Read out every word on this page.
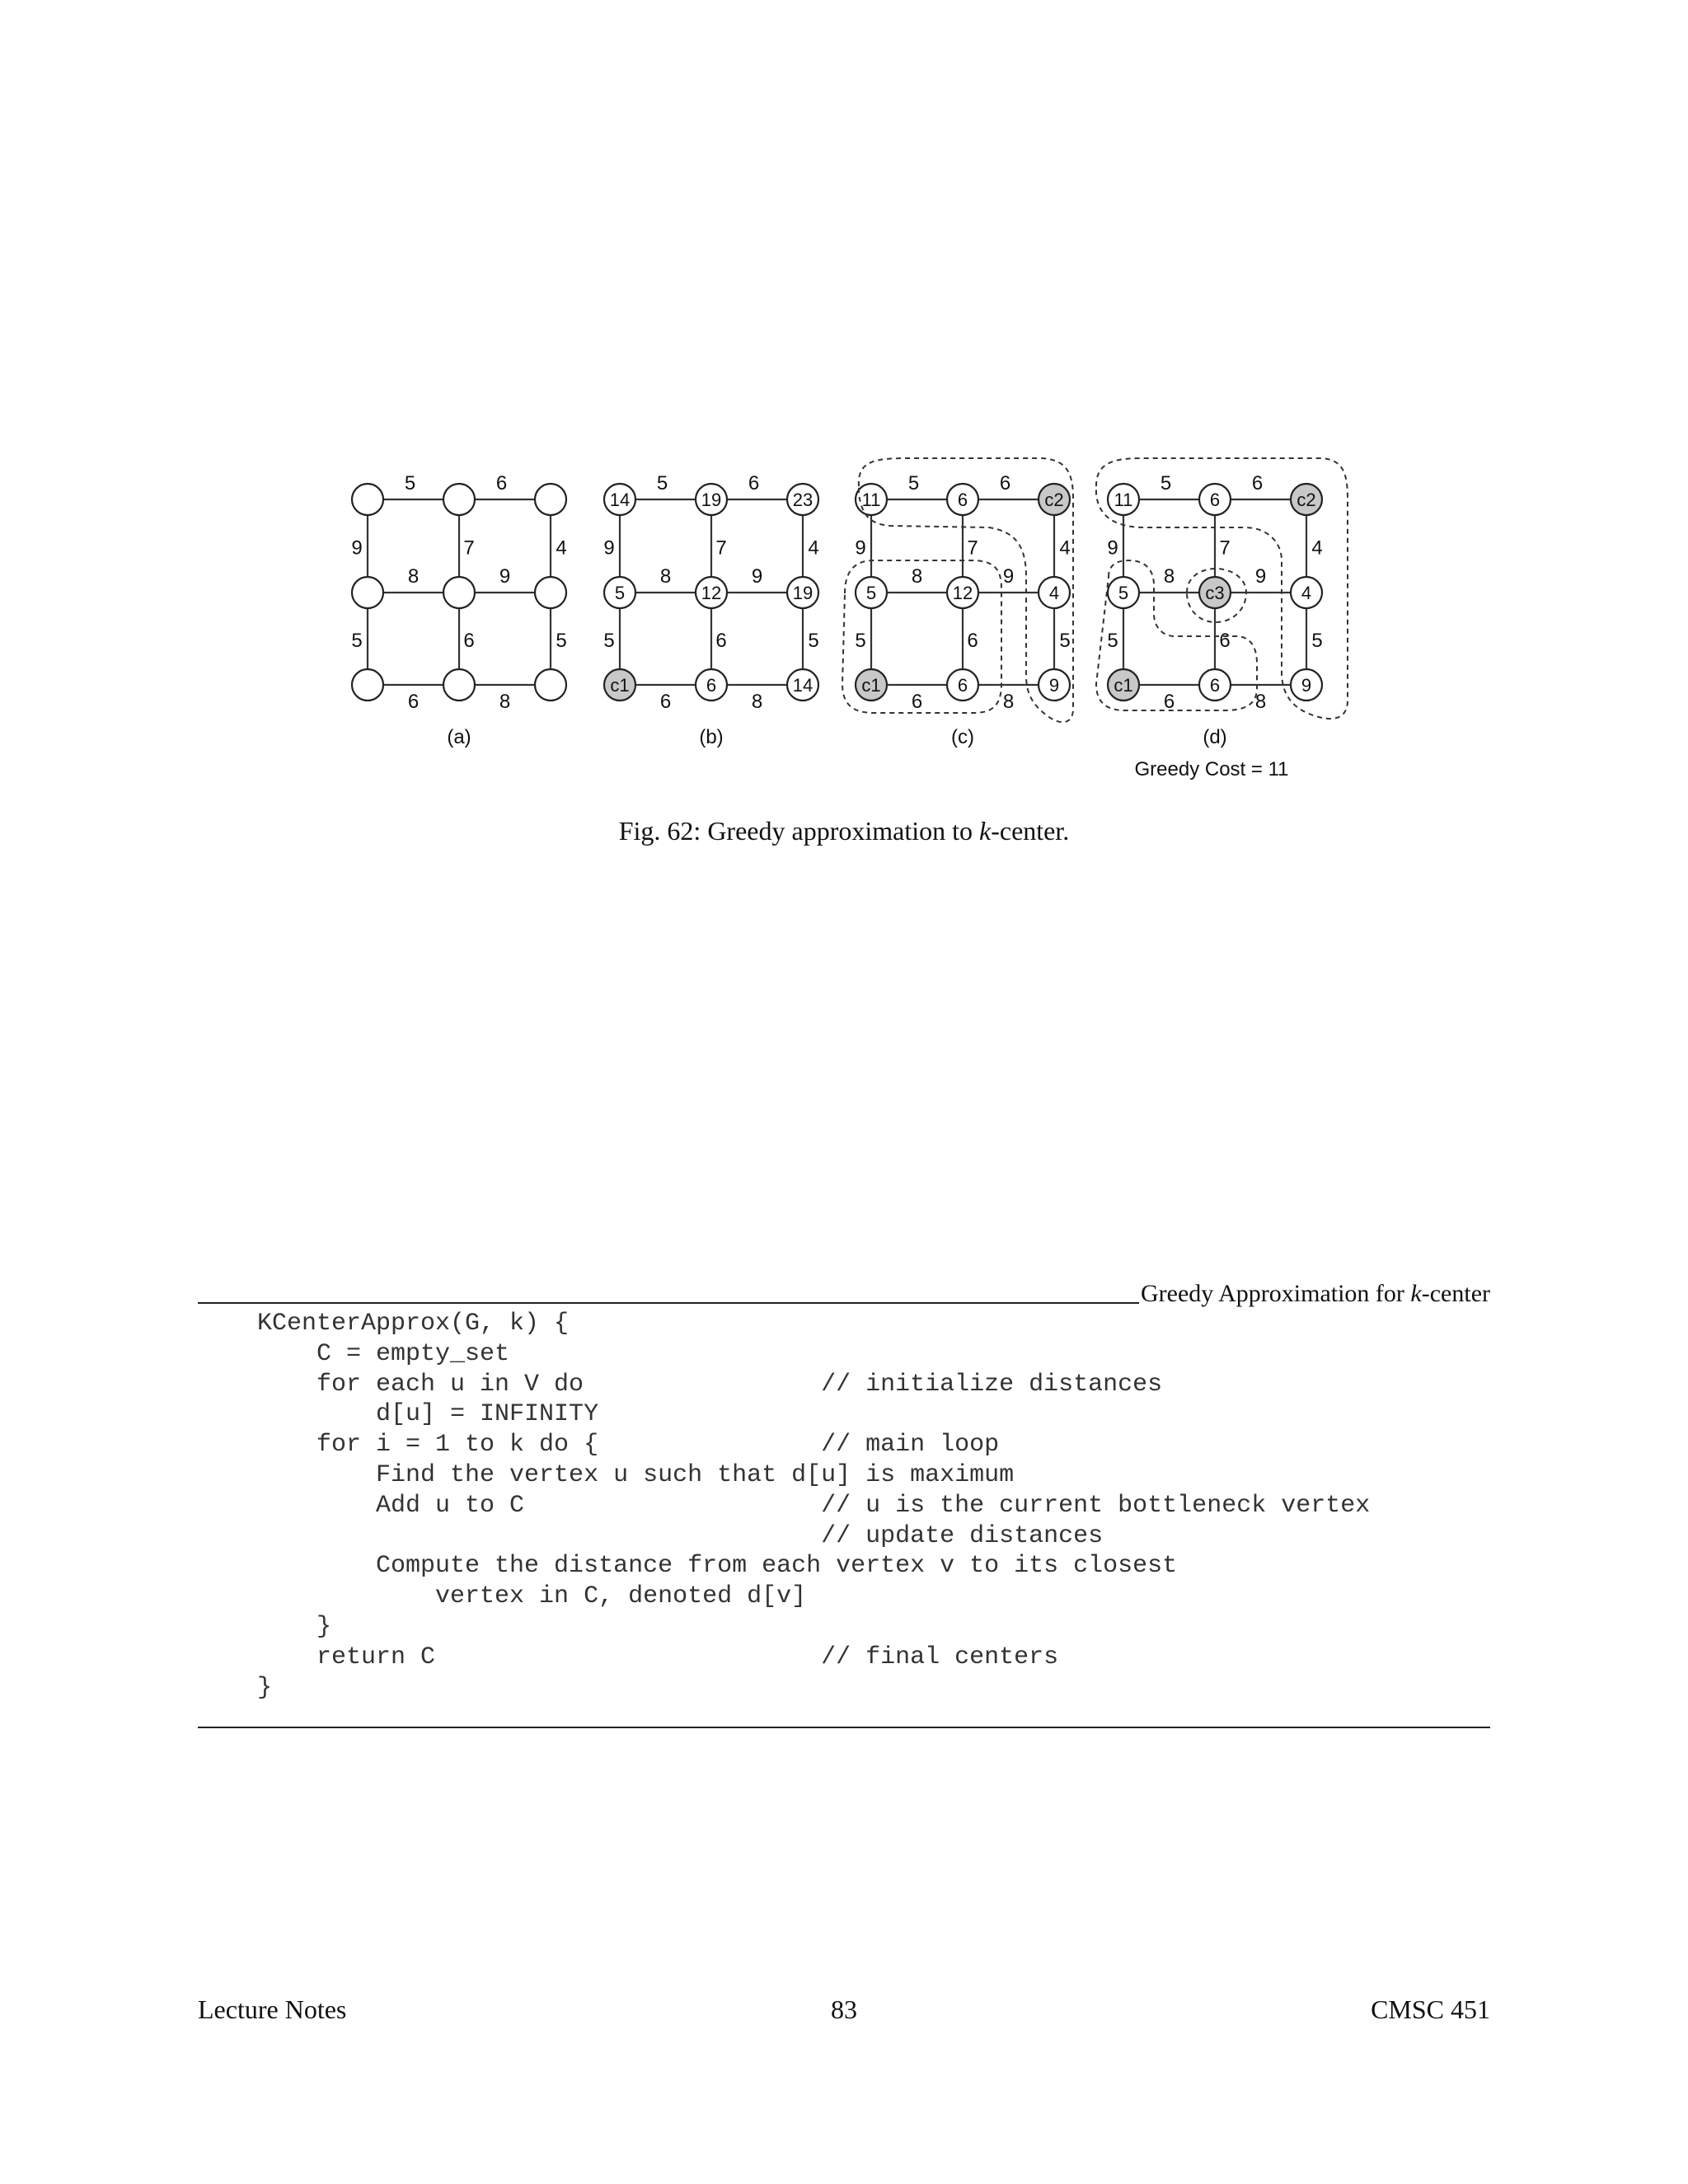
5	6
8	9
6	8
9	7	4
5	6	5
(a)
5	6
8	9
6	8
9	7	4
5	6	5
14	19	23
5	12	19
c1	6	14
(b)
5	6
8	9
6	8
9	7	4
5	6	5
11	6	c2
5	12	4
c1	6	9
(c)
5	6
8	9
6	8
9	7	4
5	6	5
11	6	c2
5	c3	4
c1	6	9
(d)
Greedy Cost = 11
Fig. 62: Greedy approximation to k-center.
Greedy Approximation for k-center
KCenterApprox(G, k) {
C = empty_set
for each u in V do                // initialize distances
d[u] = INFINITY
for i = 1 to k do {               // main loop
Find the vertex u such that d[u] is maximum
Add u to C                    // u is the current bottleneck vertex
// update distances
Compute the distance from each vertex v to its closest
vertex in C, denoted d[v]
}
return C                          // final centers
}
Lecture Notes	83	CMSC 451
